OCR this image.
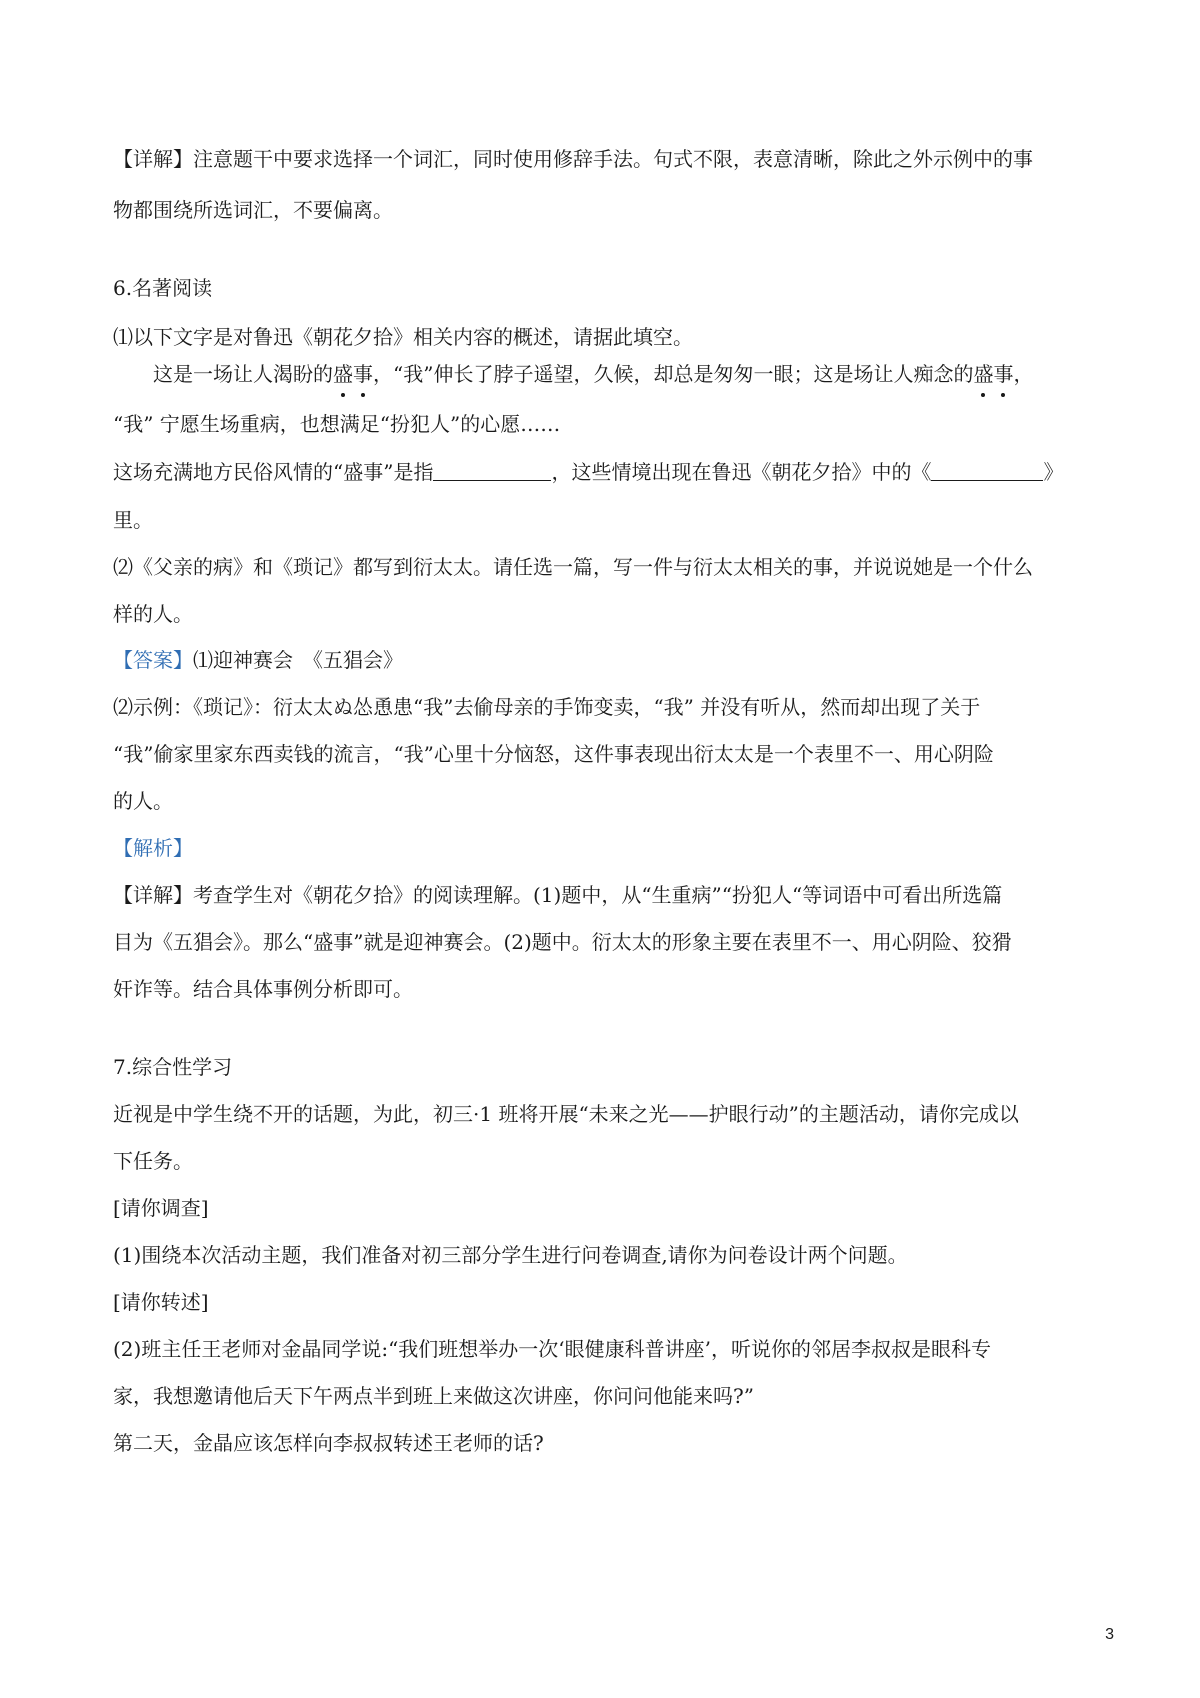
【详解】注意题干中要求选择一个词汇，同时使用修辞手法。句式不限，表意清晰，除此之外示例中的事
物都围绕所选词汇，不要偏离。
6.名著阅读
⑴以下文字是对鲁迅《朝花夕拾》相关内容的概述，请据此填空。
这是一场让人渴盼的盛事，“我”伸长了脖子遥望，久候，却总是匆匆一眼；这是场让人痴念的盛事，
“我” 宁愿生场重病，也想满足“扮犯人”的心愿……
这场充满地方民俗风情的“盛事”是指	，这些情境出现在鲁迅《朝花夕拾》中的《	》
里。
⑵《父亲的病》和《琐记》都写到衍太太。请任选一篇，写一件与衍太太相关的事，并说说她是一个什么
样的人。
【答案】⑴迎神赛会　《五猖会》
⑵示例：《琐记》：衍太太ぬ怂恿患“我”去偷母亲的手饰变卖，“我” 并没有听从，然而却出现了关于
“我”偷家里家东西卖钱的流言，“我”心里十分恼怒，这件事表现出衍太太是一个表里不一、用心阴险
的人。
【解析】
【详解】考查学生对《朝花夕拾》的阅读理解。(1)题中，从“生重病”“扮犯人“等词语中可看出所选篇
目为《五猖会》。那么“盛事”就是迎神赛会。(2)题中。衍太太的形象主要在表里不一、用心阴险、狡猾
奸诈等。结合具体事例分析即可。
7.综合性学习
近视是中学生绕不开的话题，为此，初三·1 班将开展“未来之光——护眼行动”的主题活动，请你完成以
下任务。
[请你调查]
(1)围绕本次活动主题，我们准备对初三部分学生进行问卷调查,请你为问卷设计两个问题。
[请你转述]
(2)班主任王老师对金晶同学说:“我们班想举办一次‘眼健康科普讲座’，听说你的邻居李叔叔是眼科专
家，我想邀请他后天下午两点半到班上来做这次讲座，你问问他能来吗?”
第二天，金晶应该怎样向李叔叔转述王老师的话?
3
